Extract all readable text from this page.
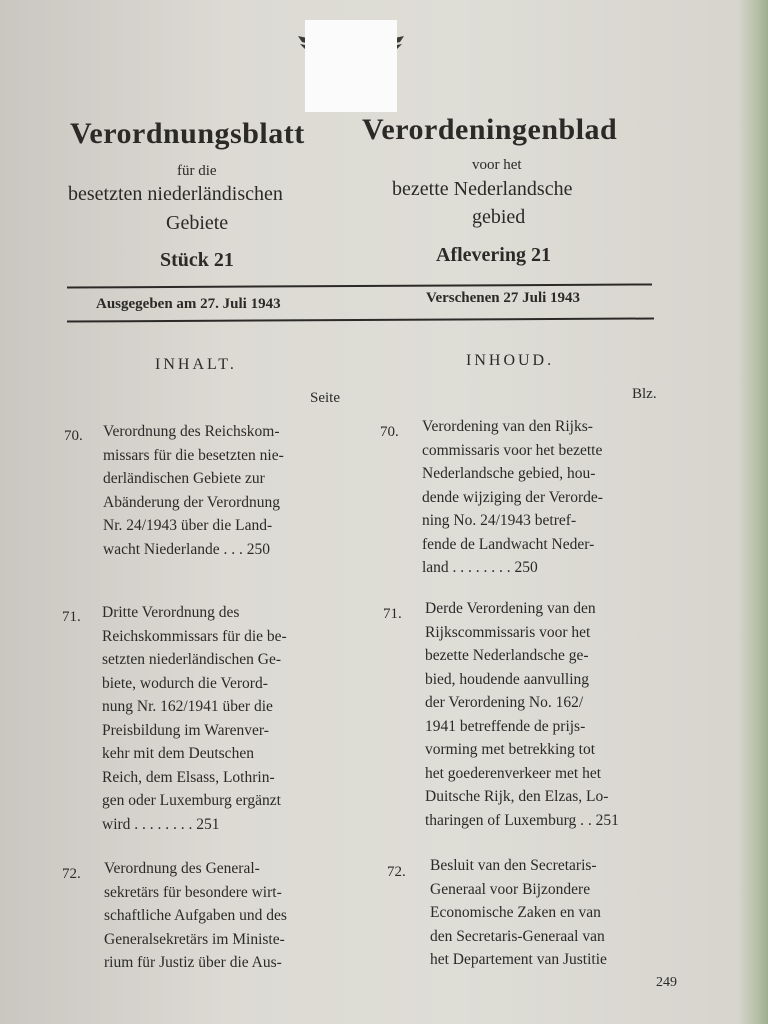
Verordnungsblatt
für die
besetzten niederländischen
Gebiete
Stück 21
Verordeningenblad
voor het
bezette Nederlandsche
gebied
Aflevering 21
Ausgegeben am 27. Juli 1943	Verschenen 27 Juli 1943
INHALT.
Seite
INHOUD.
Blz.
70. Verordnung des Reichskom-
missars für die besetzten nie-
derländischen Gebiete zur
Abänderung der Verordnung
Nr. 24/1943 über die Land-
wacht Niederlande . . . 250
70. Verordening van den Rijks-
commissaris voor het bezette
Nederlandsche gebied, hou-
dende wijziging der Verorde-
ning No. 24/1943 betref-
fende de Landwacht Neder-
land . . . . . . . . 250
71. Dritte Verordnung des
Reichskommissars für die be-
setzten niederländischen Ge-
biete, wodurch die Verord-
nung Nr. 162/1941 über die
Preisbildung im Warenver-
kehr mit dem Deutschen
Reich, dem Elsass, Lothrin-
gen oder Luxemburg ergänzt
wird . . . . . . . . 251
71. Derde Verordening van den
Rijkscommissaris voor het
bezette Nederlandsche ge-
bied, houdende aanvulling
der Verordening No. 162/
1941 betreffende de prijs-
vorming met betrekking tot
het goederenverkeer met het
Duitsche Rijk, den Elzas, Lo-
tharingen of Luxemburg . . 251
72. Verordnung des General-
sekretärs für besondere wirt-
schaftliche Aufgaben und des
Generalsekretärs im Ministe-
rium für Justiz über die Aus-
72. Besluit van den Secretaris-
Generaal voor Bijzondere
Economische Zaken en van
den Secretaris-Generaal van
het Departement van Justitie
249
